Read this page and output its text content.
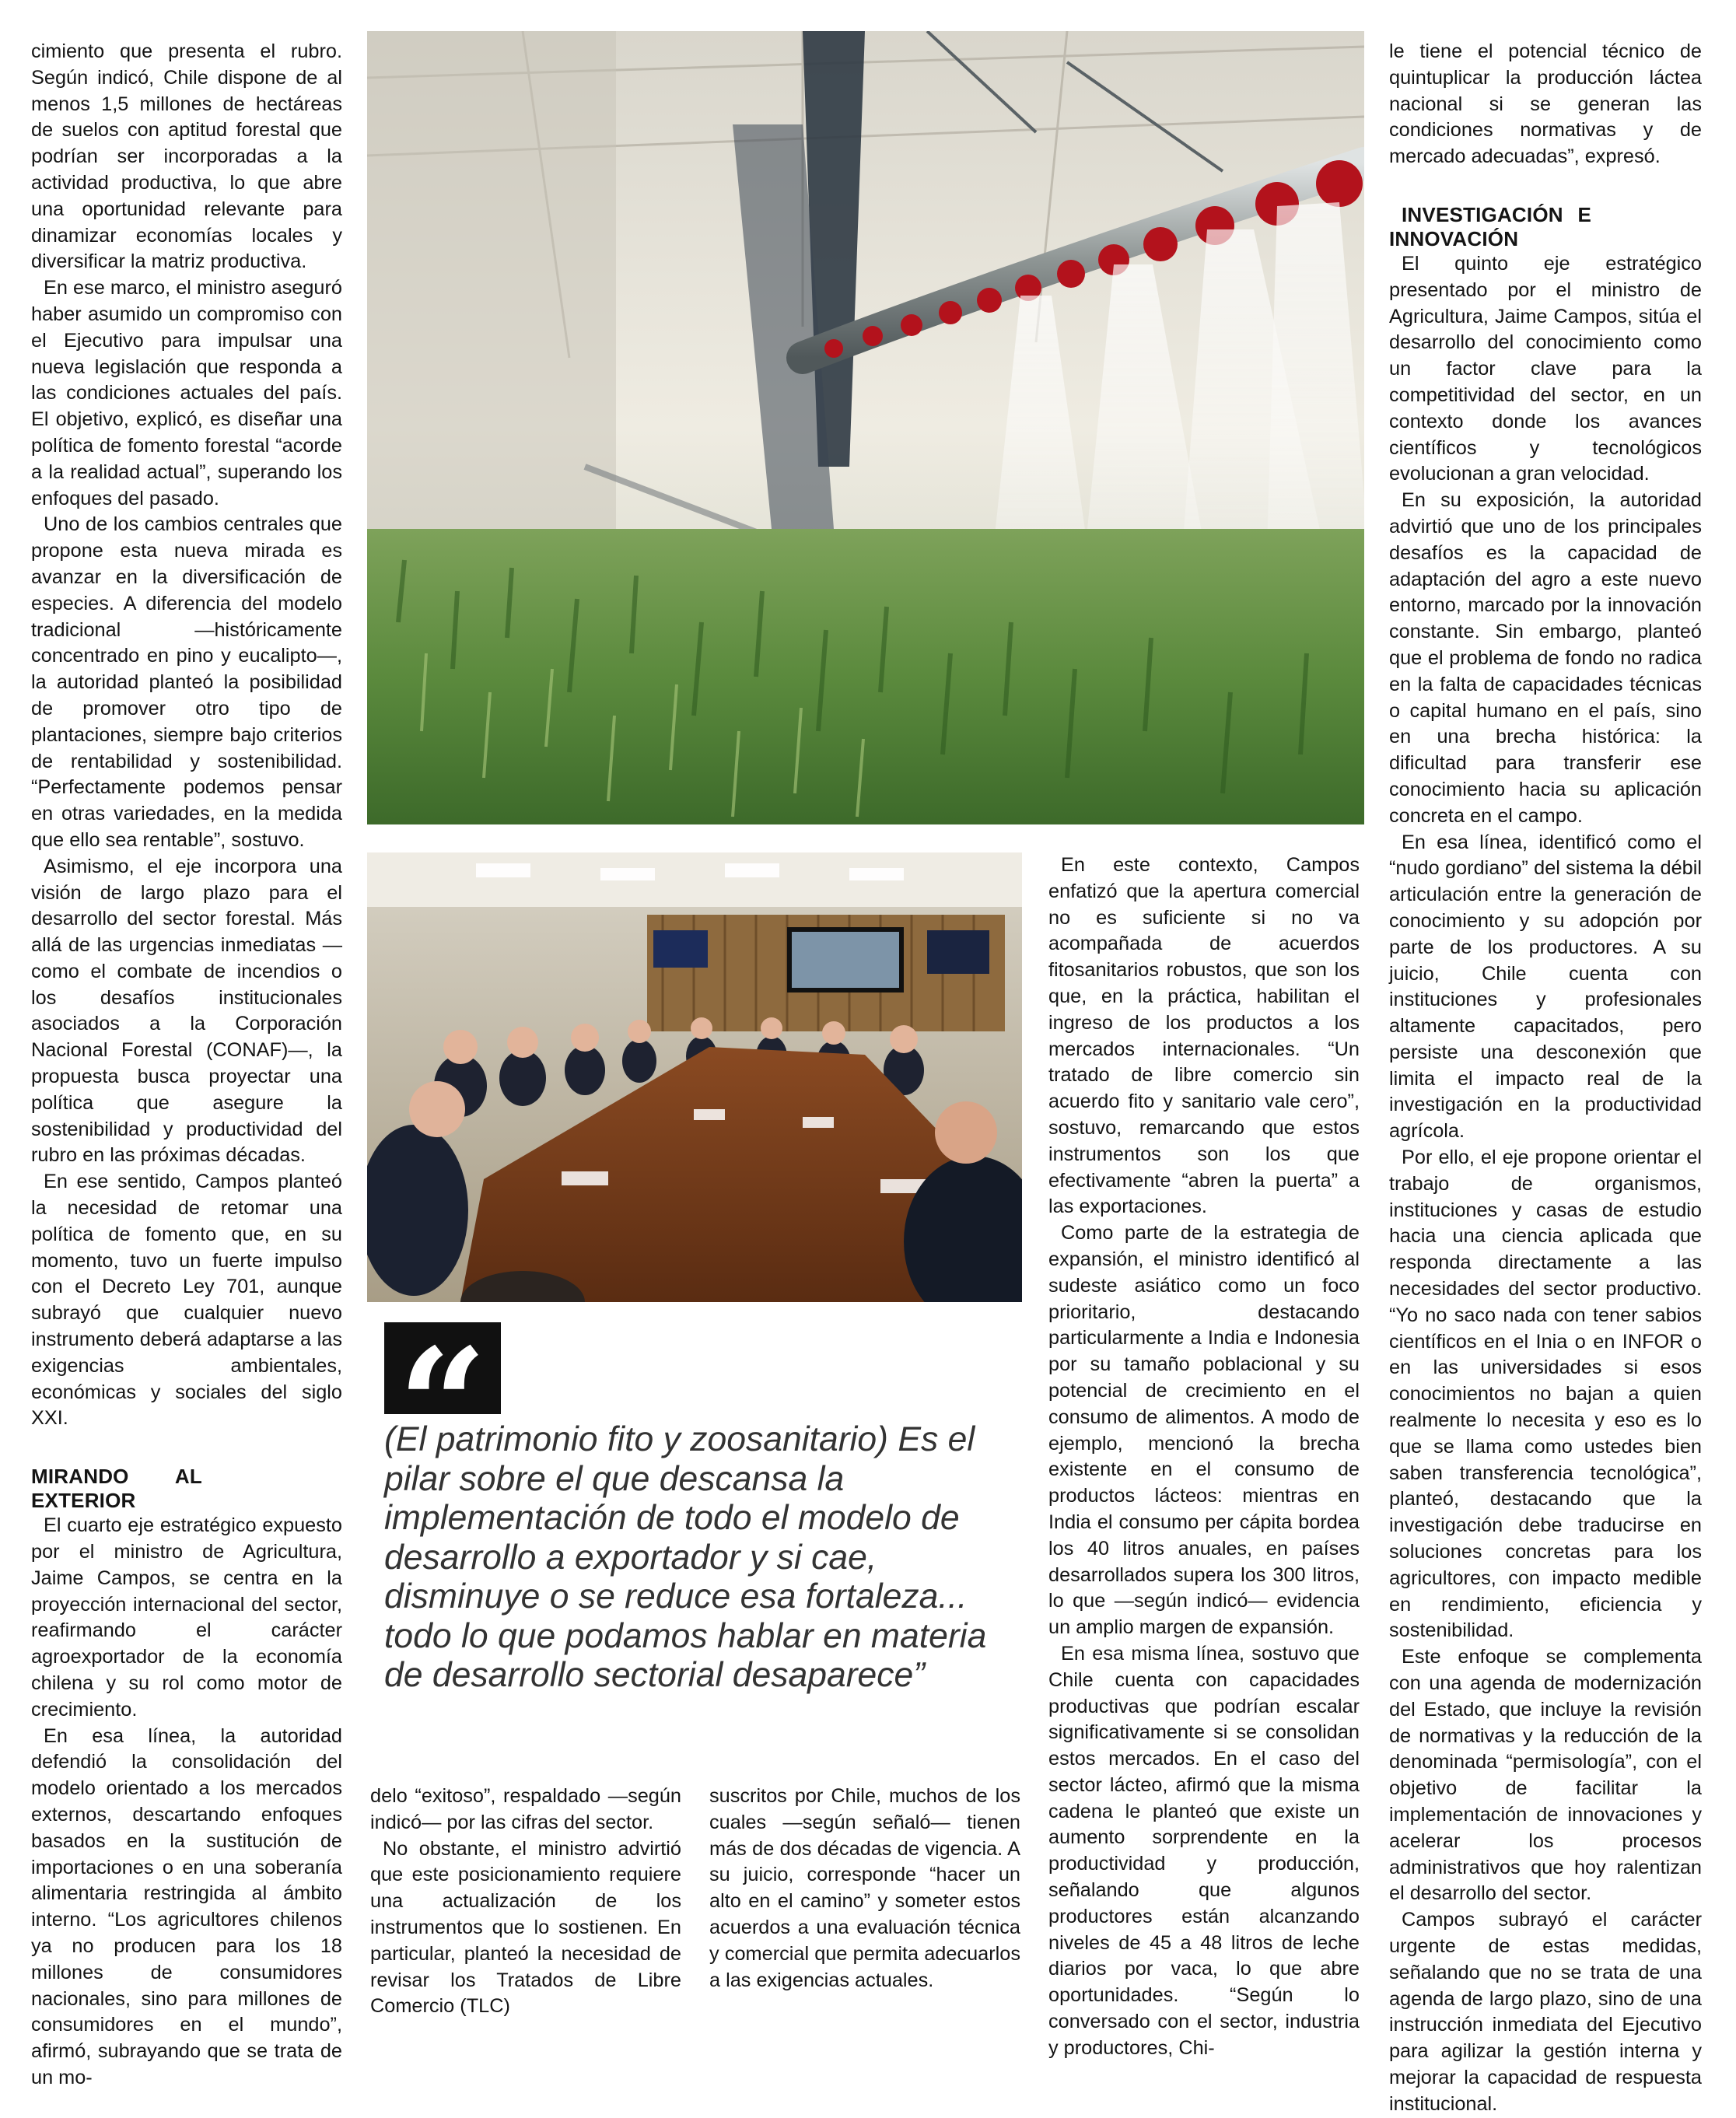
cimiento que presenta el rubro. Según indicó, Chile dispone de al menos 1,5 millones de hectáreas de suelos con aptitud forestal que podrían ser incorporadas a la actividad productiva, lo que abre una oportunidad relevante para dinamizar economías locales y diversificar la matriz productiva.

En ese marco, el ministro aseguró haber asumido un compromiso con el Ejecutivo para impulsar una nueva legislación que responda a las condiciones actuales del país. El objetivo, explicó, es diseñar una política de fomento forestal “acorde a la realidad actual”, superando los enfoques del pasado.

Uno de los cambios centrales que propone esta nueva mirada es avanzar en la diversificación de especies. A diferencia del modelo tradicional —históricamente concentrado en pino y eucalipto—, la autoridad planteó la posibilidad de promover otro tipo de plantaciones, siempre bajo criterios de rentabilidad y sostenibilidad. “Perfectamente podemos pensar en otras variedades, en la medida que ello sea rentable”, sostuvo.

Asimismo, el eje incorpora una visión de largo plazo para el desarrollo del sector forestal. Más allá de las urgencias inmediatas —como el combate de incendios o los desafíos institucionales asociados a la Corporación Nacional Forestal (CONAF)—, la propuesta busca proyectar una política que asegure la sostenibilidad y productividad del rubro en las próximas décadas.

En ese sentido, Campos planteó la necesidad de retomar una política de fomento que, en su momento, tuvo un fuerte impulso con el Decreto Ley 701, aunque subrayó que cualquier nuevo instrumento deberá adaptarse a las exigencias ambientales, económicas y sociales del siglo XXI.

MIRANDO AL EXTERIOR

El cuarto eje estratégico expuesto por el ministro de Agricultura, Jaime Campos, se centra en la proyección internacional del sector, reafirmando el carácter agroexportador de la economía chilena y su rol como motor de crecimiento.

En esa línea, la autoridad defendió la consolidación del modelo orientado a los mercados externos, descartando enfoques basados en la sustitución de importaciones o en una soberanía alimentaria restringida al ámbito interno. “Los agricultores chilenos ya no producen para los 18 millones de consumidores nacionales, sino para millones de consumidores en el mundo”, afirmó, subrayando que se trata de un mo-

“
(El patrimonio fito y zoosanitario) Es el pilar sobre el que descansa la implementación de todo el modelo de desarrollo a exportador y si cae, disminuye o se reduce esa fortaleza... todo lo que podamos hablar en materia de desarrollo sectorial desaparece”

delo “exitoso”, respaldado —según indicó— por las cifras del sector.

No obstante, el ministro advirtió que este posicionamiento requiere una actualización de los instrumentos que lo sostienen. En particular, planteó la necesidad de revisar los Tratados de Libre Comercio (TLC)

suscritos por Chile, muchos de los cuales —según señaló— tienen más de dos décadas de vigencia. A su juicio, corresponde “hacer un alto en el camino” y someter estos acuerdos a una evaluación técnica y comercial que permita adecuarlos a las exigencias actuales.

En este contexto, Campos enfatizó que la apertura comercial no es suficiente si no va acompañada de acuerdos fitosanitarios robustos, que son los que, en la práctica, habilitan el ingreso de los productos a los mercados internacionales. “Un tratado de libre comercio sin acuerdo fito y sanitario vale cero”, sostuvo, remarcando que estos instrumentos son los que efectivamente “abren la puerta” a las exportaciones.

Como parte de la estrategia de expansión, el ministro identificó al sudeste asiático como un foco prioritario, destacando particularmente a India e Indonesia por su tamaño poblacional y su potencial de crecimiento en el consumo de alimentos. A modo de ejemplo, mencionó la brecha existente en el consumo de productos lácteos: mientras en India el consumo per cápita bordea los 40 litros anuales, en países desarrollados supera los 300 litros, lo que —según indicó— evidencia un amplio margen de expansión.

En esa misma línea, sostuvo que Chile cuenta con capacidades productivas que podrían escalar significativamente si se consolidan estos mercados. En el caso del sector lácteo, afirmó que la misma cadena le planteó que existe un aumento sorprendente en la productividad y producción, señalando que algunos productores están alcanzando niveles de 45 a 48 litros de leche diarios por vaca, lo que abre oportunidades. “Según lo conversado con el sector, industria y productores, Chi-

le tiene el potencial técnico de quintuplicar la producción láctea nacional si se generan las condiciones normativas y de mercado adecuadas”, expresó.

INVESTIGACIÓN E INNOVACIÓN

El quinto eje estratégico presentado por el ministro de Agricultura, Jaime Campos, sitúa el desarrollo del conocimiento como un factor clave para la competitividad del sector, en un contexto donde los avances científicos y tecnológicos evolucionan a gran velocidad.

En su exposición, la autoridad advirtió que uno de los principales desafíos es la capacidad de adaptación del agro a este nuevo entorno, marcado por la innovación constante. Sin embargo, planteó que el problema de fondo no radica en la falta de capacidades técnicas o capital humano en el país, sino en una brecha histórica: la dificultad para transferir ese conocimiento hacia su aplicación concreta en el campo.

En esa línea, identificó como el “nudo gordiano” del sistema la débil articulación entre la generación de conocimiento y su adopción por parte de los productores. A su juicio, Chile cuenta con instituciones y profesionales altamente capacitados, pero persiste una desconexión que limita el impacto real de la investigación en la productividad agrícola.

Por ello, el eje propone orientar el trabajo de organismos, instituciones y casas de estudio hacia una ciencia aplicada que responda directamente a las necesidades del sector productivo. “Yo no saco nada con tener sabios científicos en el Inia o en INFOR o en las universidades si esos conocimientos no bajan a quien realmente lo necesita y eso es lo que se llama como ustedes bien saben transferencia tecnológica”, planteó, destacando que la investigación debe traducirse en soluciones concretas para los agricultores, con impacto medible en rendimiento, eficiencia y sostenibilidad.

Este enfoque se complementa con una agenda de modernización del Estado, que incluye la revisión de normativas y la reducción de la denominada “permisología”, con el objetivo de facilitar la implementación de innovaciones y acelerar los procesos administrativos que hoy ralentizan el desarrollo del sector.

Campos subrayó el carácter urgente de estas medidas, señalando que no se trata de una agenda de largo plazo, sino de una instrucción inmediata del Ejecutivo para agilizar la gestión interna y mejorar la capacidad de respuesta institucional.
